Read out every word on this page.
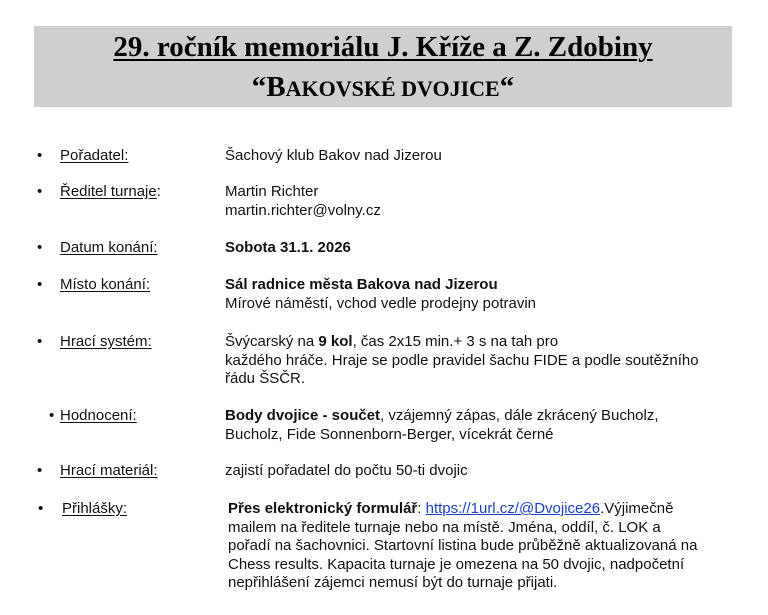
29. ročník memoriálu J. Kříže a Z. Zdobiny
“BAKOVSKÉ DVOJICE“
• Pořadatel:	Šachový klub Bakov nad Jizerou
• Ředitel turnaje:	Martin Richter
martin.richter@volny.cz
• Datum konání:	Sobota 31.1. 2026
• Místo konání:	Sál radnice města Bakova nad Jizerou
Mírové náměstí, vchod vedle prodejny potravin
• Hrací systém:	Švýcarský na 9 kol, čas 2x15 min.+ 3 s na tah pro
každého hráče. Hraje se podle pravidel šachu FIDE a podle soutěžního
řádu ŠSČR.
• Hodnocení:	Body dvojice - součet, vzájemný zápas, dále zkrácený Bucholz,
Bucholz, Fide Sonnenborn-Berger, vícekrát černé
• Hrací materiál:	zajistí pořadatel do počtu 50-ti dvojic
• Přihlášky:	Přes elektronický formulář: https://1url.cz/@Dvojice26.Výjimečně
mailem na ředitele turnaje nebo na místě. Jména, oddíl, č. LOK a
pořadí na šachovnici. Startovní listina bude průběžně aktualizovaná na
Chess results. Kapacita turnaje je omezena na 50 dvojic, nadpočetní
nepřihlášení zájemci nemusí být do turnaje přijati.
